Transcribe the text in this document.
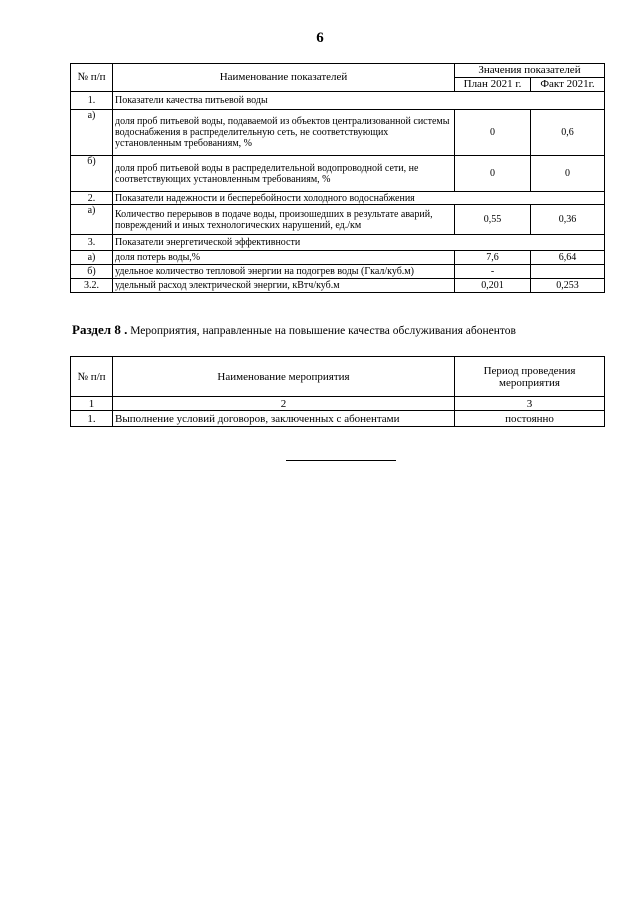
6
№ п/п	Наименование показателей	Значения показателей	
		План 2021 г.	Факт 2021г.
1.	Показатели качества питьевой воды		
а)	доля проб питьевой воды, подаваемой из объектов централизованной системы водоснабжения в распределительную сеть, не соответствующих установленным требованиям, %	0	0,6
б)	доля проб питьевой воды в распределительной водопроводной сети, не соответствующих установленным требованиям, %	0	0
2.	Показатели надежности и бесперебойности холодного водоснабжения		
а)	Количество перерывов в подаче воды, произошедших в результате аварий, повреждений и иных технологических нарушений, ед./км	0,55	0,36
3.	Показатели энергетической эффективности		
а)	доля потерь воды,%	7,6	6,64
б)	удельное количество тепловой энергии на подогрев воды (Гкал/куб.м)	-	
3.2.	удельный расход электрической энергии, кВтч/куб.м	0,201	0,253
Раздел 8 . Мероприятия, направленные на повышение качества обслуживания абонентов
№ п/п	Наименование мероприятия	Период проведения мероприятия
1	2	3
1.	Выполнение условий договоров, заключенных с абонентами	постоянно
